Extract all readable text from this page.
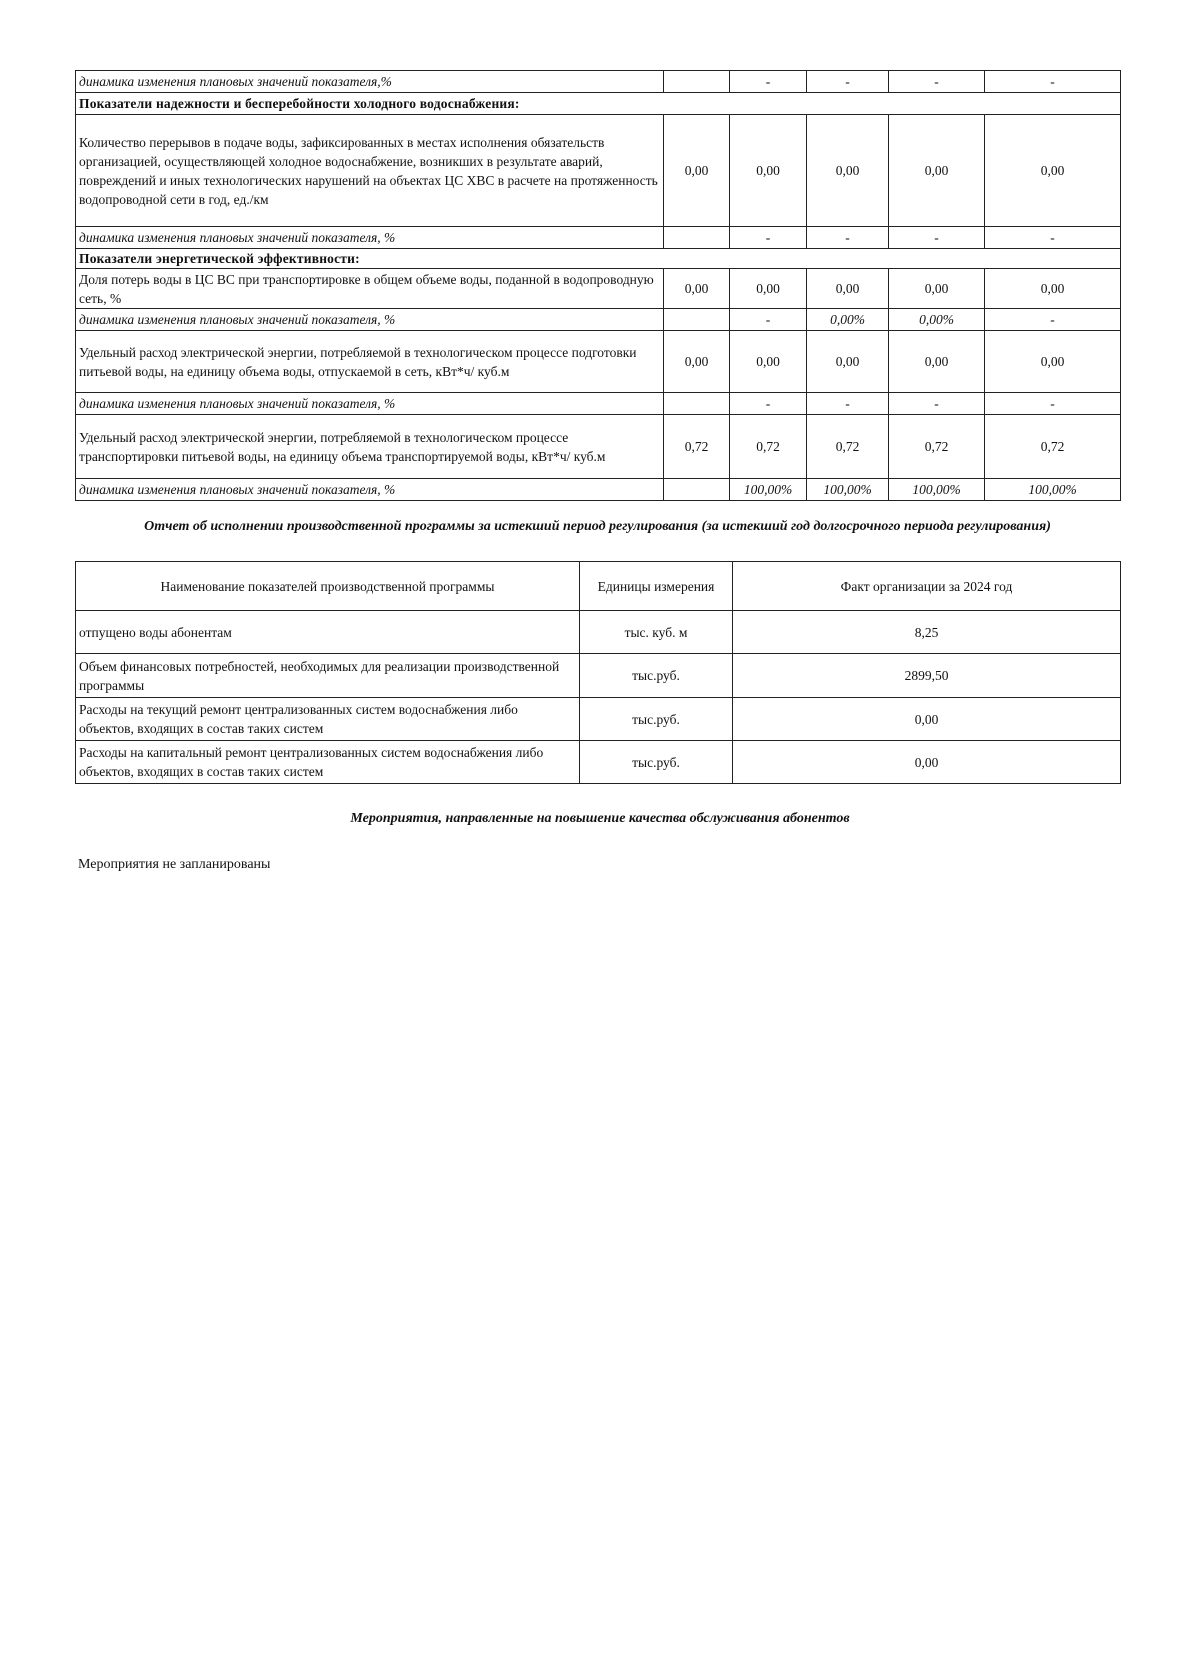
динамика изменения плановых значений показателя,%		-	-	-	-
Показатели надежности и бесперебойности холодного водоснабжения:					
Количество перерывов в подаче воды, зафиксированных в местах исполнения обязательств организацией, осуществляющей холодное водоснабжение, возникших в результате аварий, повреждений и иных технологических нарушений на объектах ЦС ХВС в расчете на протяженность водопроводной сети в год, ед./км	0,00	0,00	0,00	0,00	0,00
динамика изменения плановых значений показателя, %		-	-	-	-
Показатели энергетической эффективности:					
Доля потерь воды в ЦС ВС при транспортировке в общем объеме воды, поданной в водопроводную сеть, %	0,00	0,00	0,00	0,00	0,00
динамика изменения плановых значений показателя, %		-	0,00%	0,00%	-
Удельный расход электрической энергии, потребляемой в технологическом процессе подготовки питьевой воды, на единицу объема воды, отпускаемой в сеть, кВт*ч/ куб.м	0,00	0,00	0,00	0,00	0,00
динамика изменения плановых значений показателя, %		-	-	-	-
Удельный расход электрической энергии, потребляемой в технологическом процессе транспортировки питьевой воды, на единицу объема транспортируемой воды, кВт*ч/ куб.м	0,72	0,72	0,72	0,72	0,72
динамика изменения плановых значений показателя, %		100,00%	100,00%	100,00%	100,00%
Отчет об исполнении производственной программы за истекший период регулирования (за истекший год долгосрочного периода регулирования)
Наименование показателей производственной программы	Единицы измерения	Факт организации за 2024 год
отпущено воды абонентам	тыс. куб. м	8,25
Объем финансовых потребностей, необходимых для реализации производственной программы	тыс.руб.	2899,50
Расходы на текущий ремонт централизованных систем водоснабжения либо объектов, входящих в состав таких систем	тыс.руб.	0,00
Расходы на капитальный ремонт централизованных систем водоснабжения либо объектов, входящих в состав таких систем	тыс.руб.	0,00
Мероприятия, направленные на повышение качества обслуживания абонентов
Мероприятия не запланированы
